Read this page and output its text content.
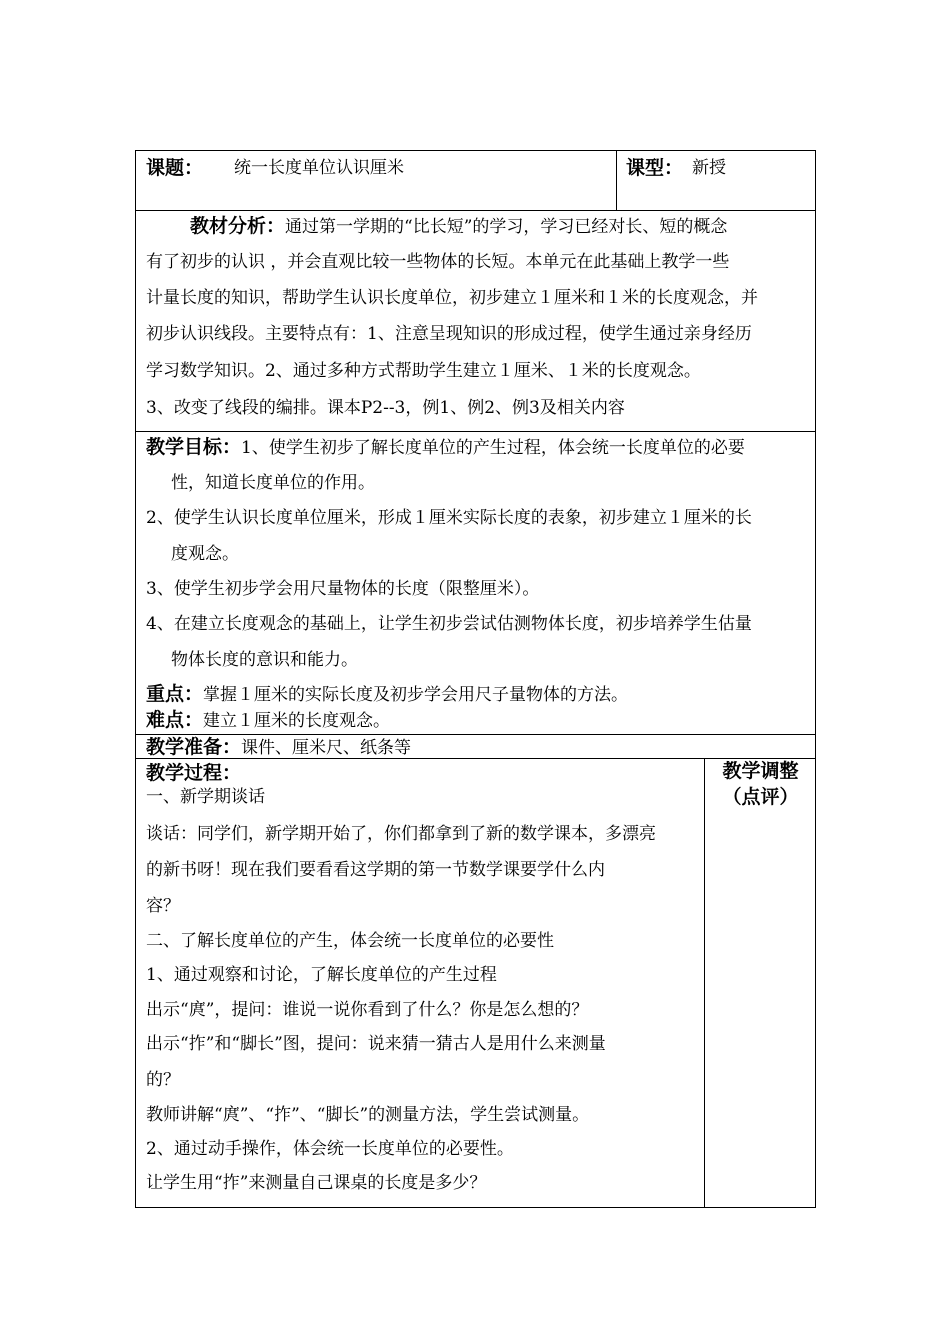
课题： 统一长度单位认识厘米	课型： 新授
教材分析：通过第一学期的“比长短”的学习，学习已经对长、短的概念
有了初步的认识 ，并会直观比较一些物体的长短。本单元在此基础上教学一些
计量长度的知识，帮助学生认识长度单位，初步建立１厘米和１米的长度观念，并
初步认识线段。主要特点有：1、注意呈现知识的形成过程，使学生通过亲身经历
学习数学知识。2、通过多种方式帮助学生建立１厘米、１米的长度观念。
3、改变了线段的编排。课本P2--3，例1、例2、例3及相关内容
教学目标：1、使学生初步了解长度单位的产生过程，体会统一长度单位的必要
性，知道长度单位的作用。
2、使学生认识长度单位厘米，形成１厘米实际长度的表象，初步建立１厘米的长
度观念。
3、使学生初步学会用尺量物体的长度（限整厘米）。
4、在建立长度观念的基础上，让学生初步尝试估测物体长度，初步培养学生估量
物体长度的意识和能力。
重点：掌握１厘米的实际长度及初步学会用尺子量物体的方法。
难点：建立１厘米的长度观念。
教学准备：课件、厘米尺、纸条等
教学过程：	教学调整
（点评）
一、新学期谈话
谈话：同学们，新学期开始了，你们都拿到了新的数学课本，多漂亮
的新书呀！现在我们要看看这学期的第一节数学课要学什么内
容？
二、了解长度单位的产生，体会统一长度单位的必要性
1、通过观察和讨论，了解长度单位的产生过程
出示“庹”，提问：谁说一说你看到了什么？你是怎么想的？
出示“拃”和“脚长”图，提问：说来猜一猜古人是用什么来测量
的？
教师讲解“庹”、“拃”、“脚长”的测量方法，学生尝试测量。
2、通过动手操作，体会统一长度单位的必要性。
让学生用“拃”来测量自己课桌的长度是多少？
